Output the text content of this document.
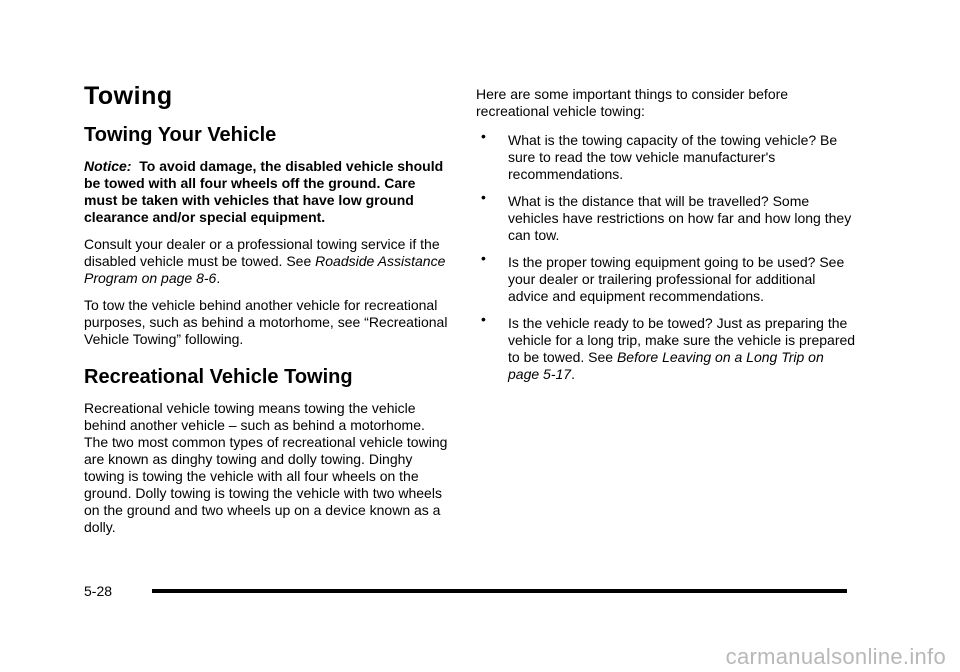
Towing
Towing Your Vehicle

Notice: To avoid damage, the disabled vehicle should be towed with all four wheels off the ground. Care must be taken with vehicles that have low ground clearance and/or special equipment.

Consult your dealer or a professional towing service if the disabled vehicle must be towed. See Roadside Assistance Program on page 8-6.

To tow the vehicle behind another vehicle for recreational purposes, such as behind a motorhome, see “Recreational Vehicle Towing” following.

Recreational Vehicle Towing

Recreational vehicle towing means towing the vehicle behind another vehicle – such as behind a motorhome. The two most common types of recreational vehicle towing are known as dinghy towing and dolly towing. Dinghy towing is towing the vehicle with all four wheels on the ground. Dolly towing is towing the vehicle with two wheels on the ground and two wheels up on a device known as a dolly.

Here are some important things to consider before recreational vehicle towing:

• What is the towing capacity of the towing vehicle? Be sure to read the tow vehicle manufacturer's recommendations.
• What is the distance that will be travelled? Some vehicles have restrictions on how far and how long they can tow.
• Is the proper towing equipment going to be used? See your dealer or trailering professional for additional advice and equipment recommendations.
• Is the vehicle ready to be towed? Just as preparing the vehicle for a long trip, make sure the vehicle is prepared to be towed. See Before Leaving on a Long Trip on page 5-17.
5-28
carmanualsonline.info
